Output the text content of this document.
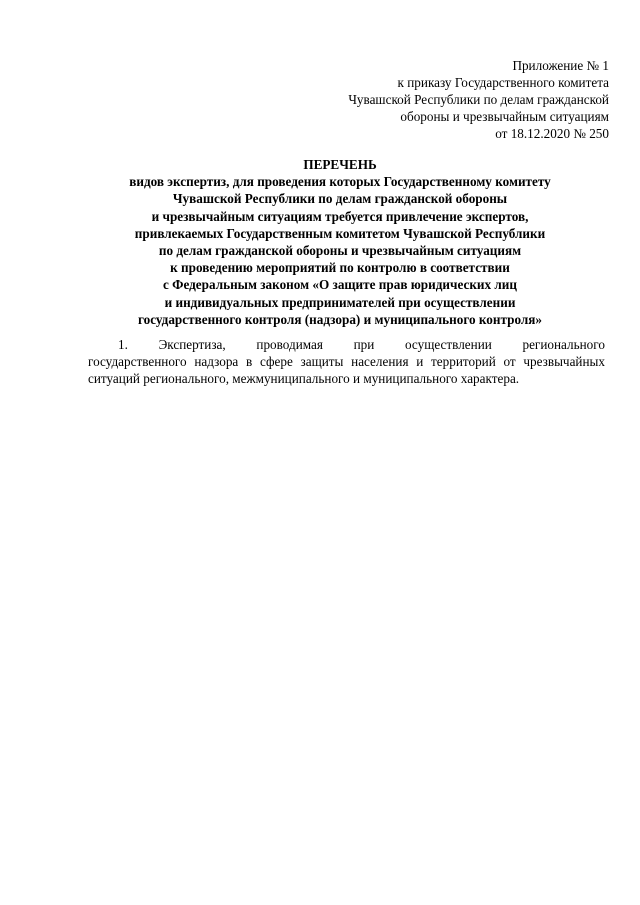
Приложение № 1
к приказу Государственного комитета
Чувашской Республики по делам гражданской
обороны и чрезвычайным ситуациям
от 18.12.2020 № 250
ПЕРЕЧЕНЬ
видов экспертиз, для проведения которых Государственному комитету
Чувашской Республики по делам гражданской обороны
и чрезвычайным ситуациям требуется привлечение экспертов,
привлекаемых Государственным комитетом Чувашской Республики
по делам гражданской обороны и чрезвычайным ситуациям
к проведению мероприятий по контролю в соответствии
с Федеральным законом «О защите прав юридических лиц
и индивидуальных предпринимателей при осуществлении
государственного контроля (надзора) и муниципального контроля»
1. Экспертиза, проводимая при осуществлении регионального
государственного надзора в сфере защиты населения и территорий от чрезвычайных ситуаций регионального, межмуниципального и муниципального характера.
